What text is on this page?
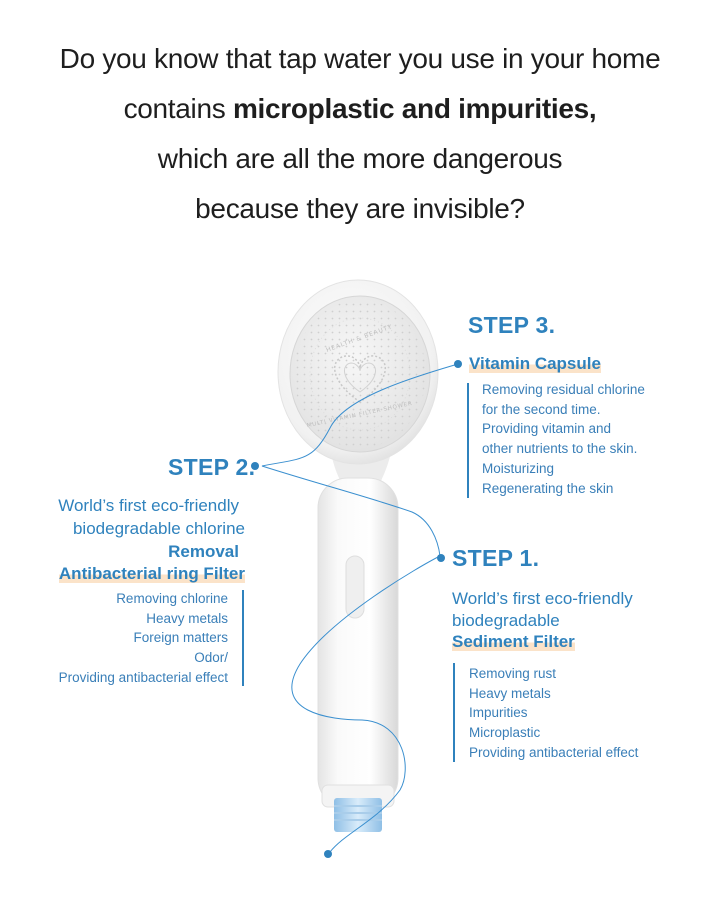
Do you know that tap water you use in your home
contains microplastic and impurities,
which are all the more dangerous
because they are invisible?
HEALTH & BEAUTY
MULTI VITAMIN FILTER SHOWER
STEP 3.
Vitamin Capsule
Removing residual chlorine
for the second time.
Providing vitamin and
other nutrients to the skin.
Moisturizing
Regenerating the skin
STEP 2.
World’s first eco-friendly
biodegradable chlorine
Removal
Antibacterial ring Filter
Removing chlorine
Heavy metals
Foreign matters
Odor/
Providing antibacterial effect
STEP 1.
World’s first eco-friendly
biodegradable
Sediment Filter
Removing rust
Heavy metals
Impurities
Microplastic
Providing antibacterial effect
